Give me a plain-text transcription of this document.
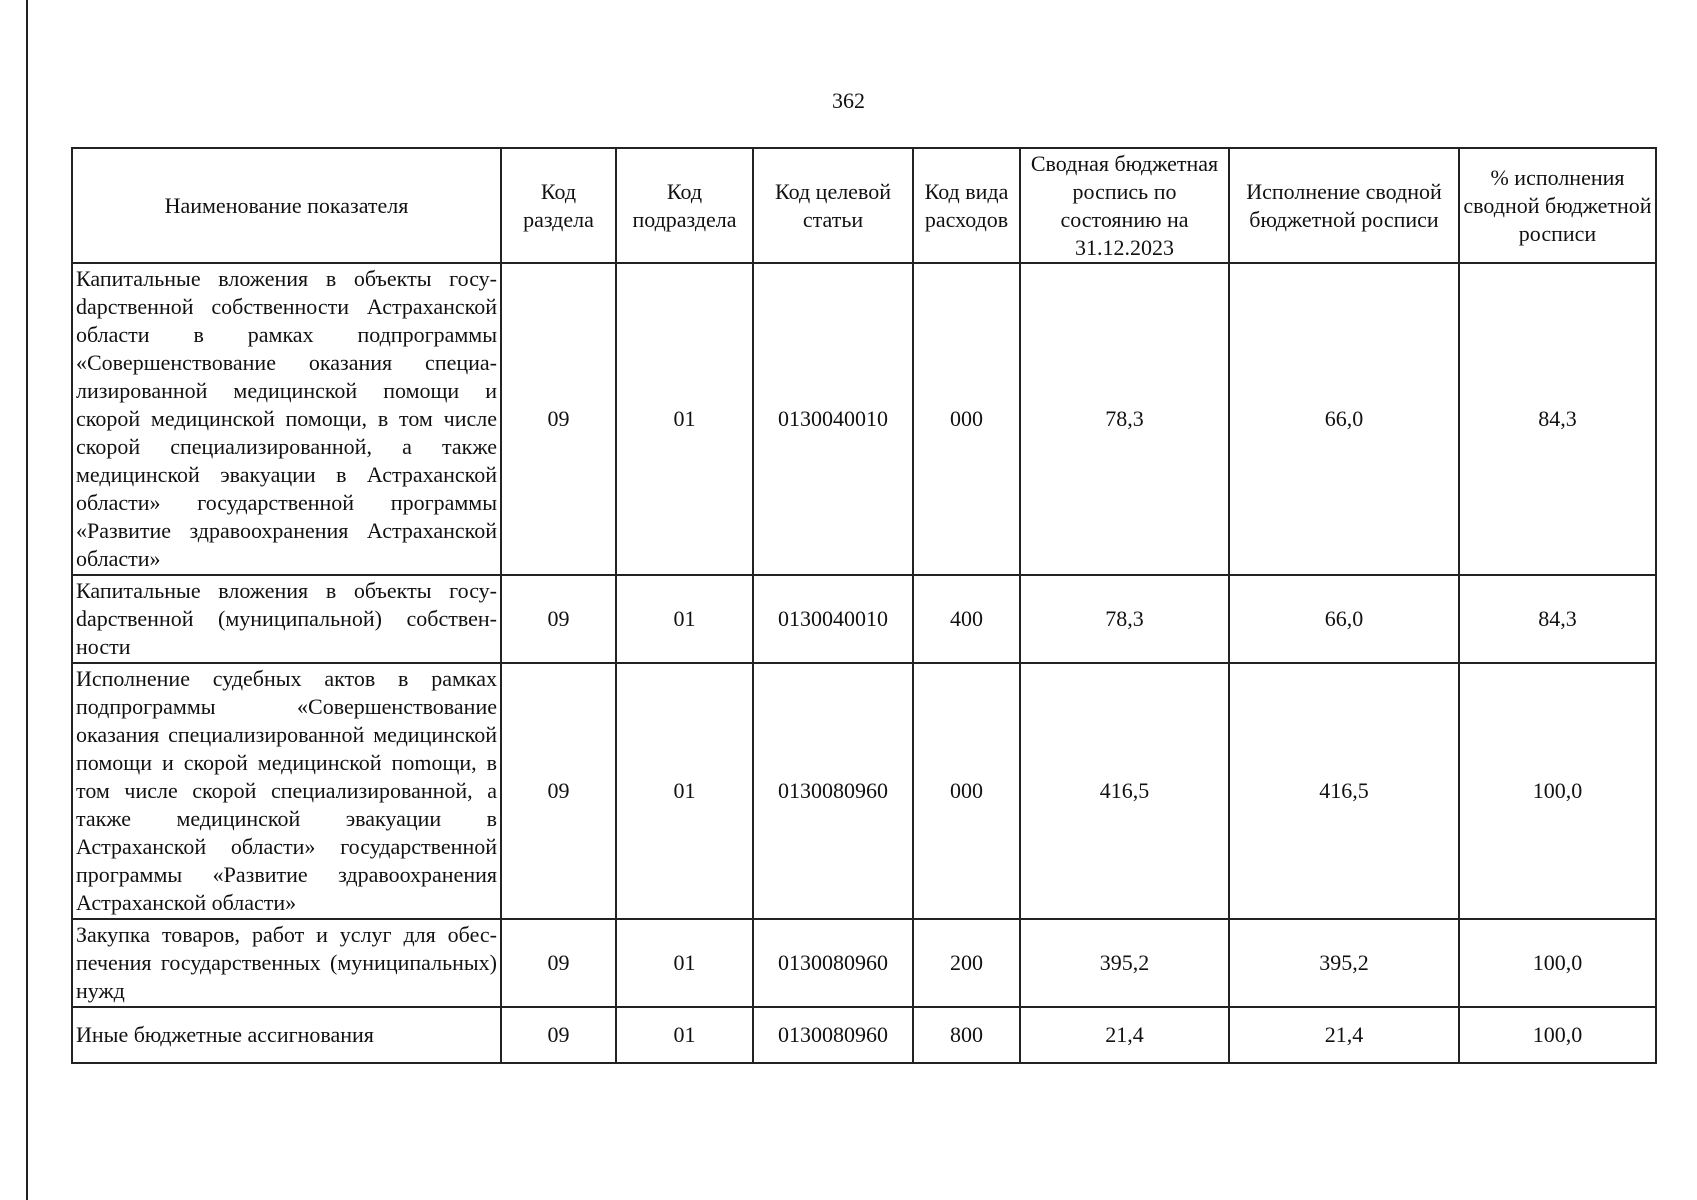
362
Наименование показателя	Код раздела	Код подраздела	Код целевой статьи	Код вида расходов	Сводная бюджетная роспись по состоянию на 31.12.2023	Исполнение сводной бюджетной росписи	% исполнения сводной бюджетной росписи
Капитальные вложения в объекты госуdарственной собственности Астраханской области в рамках подпрограммы «Совершенствование оказания специализированной медицинской помощи и скорой медицинской помощи, в том числе скорой специализированной, а также медицинской эвакуации в Астраханской области» государственной программы «Развитие здравоохранения Астраханской области»	09	01	0130040010	000	78,3	66,0	84,3
Капитальные вложения в объекты госуdарственной (муниципальной) собственности	09	01	0130040010	400	78,3	66,0	84,3
Исполнение судебных актов в рамках подпрограммы «Совершенствование оказания специализированной медицинской помощи и скорой медицинской поmощи, в том числе скорой специализированной, а также медицинской эвакуации в Астраханской области» государственной программы «Развитие здравоохранения Астраханской области»	09	01	0130080960	000	416,5	416,5	100,0
Закупка товаров, работ и услуг для обеспечения государственных (муниципальных) нужд	09	01	0130080960	200	395,2	395,2	100,0
Иные бюджетные ассигнования	09	01	0130080960	800	21,4	21,4	100,0
